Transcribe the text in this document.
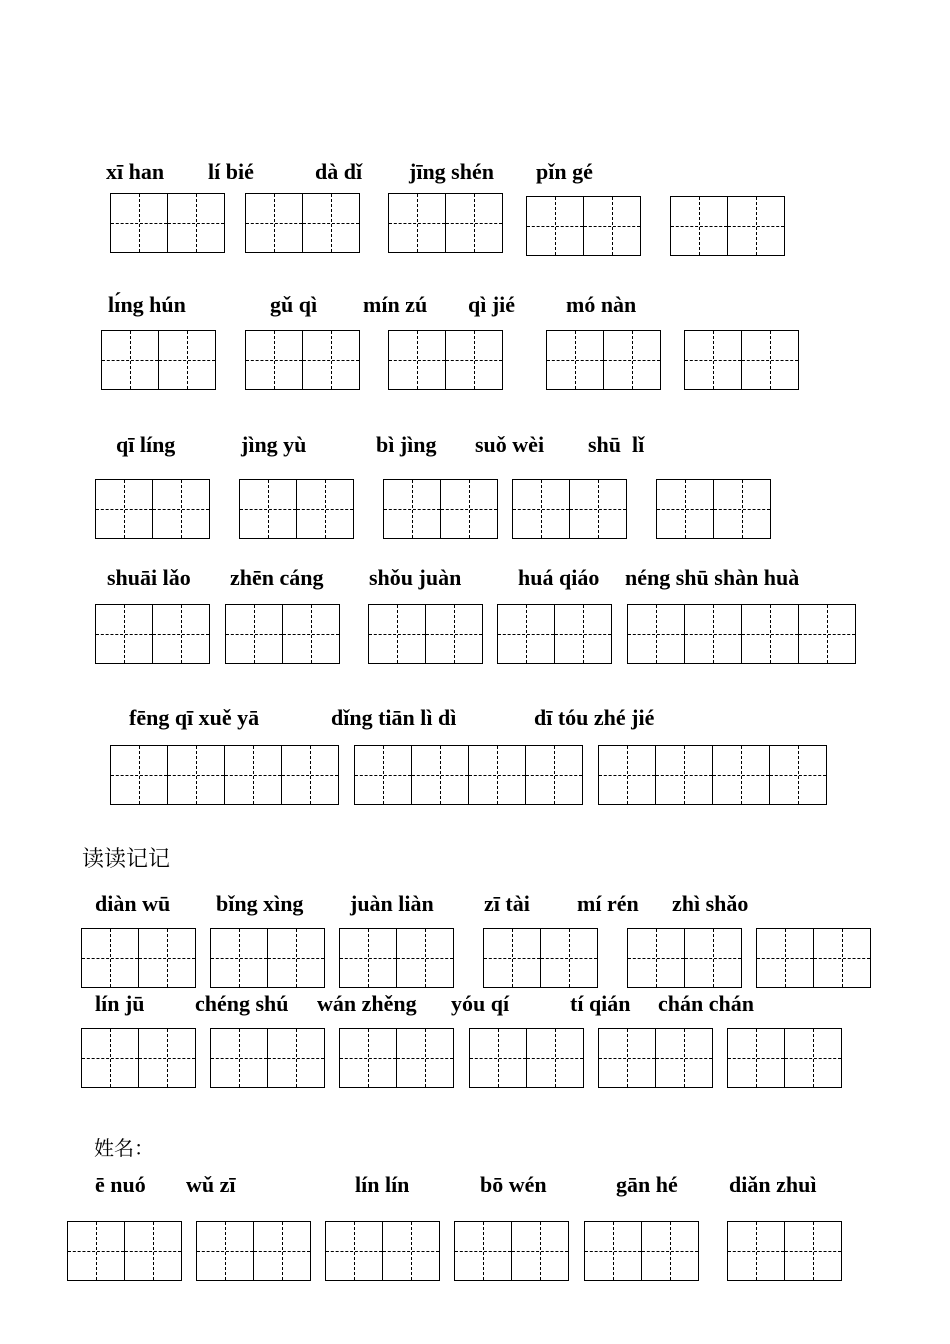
xī han lí bié	dà dǐ jīng shén pǐn gé
lɪ́ng hún	gǔ qì mín zú qì jié mó nàn
qī líng	jìng yù	bì jìng suǒ wèi shū  lǐ
shuāi lǎo zhēn cáng shǒu juàn	huá qiáo néng shū shàn huà
fēng qī xuě yā	dǐng tiān lì dì	dī tóu zhé jié
读读记记
diàn wū bǐng xìng juàn liàn zī tài mí rén zhì shǎo
lín jū chéng shú wán zhěng yóu qí	tí qián chán chán
姓名：
ē nuó wǔ zī	lín lín	bō wén	gān hé diǎn zhuì
